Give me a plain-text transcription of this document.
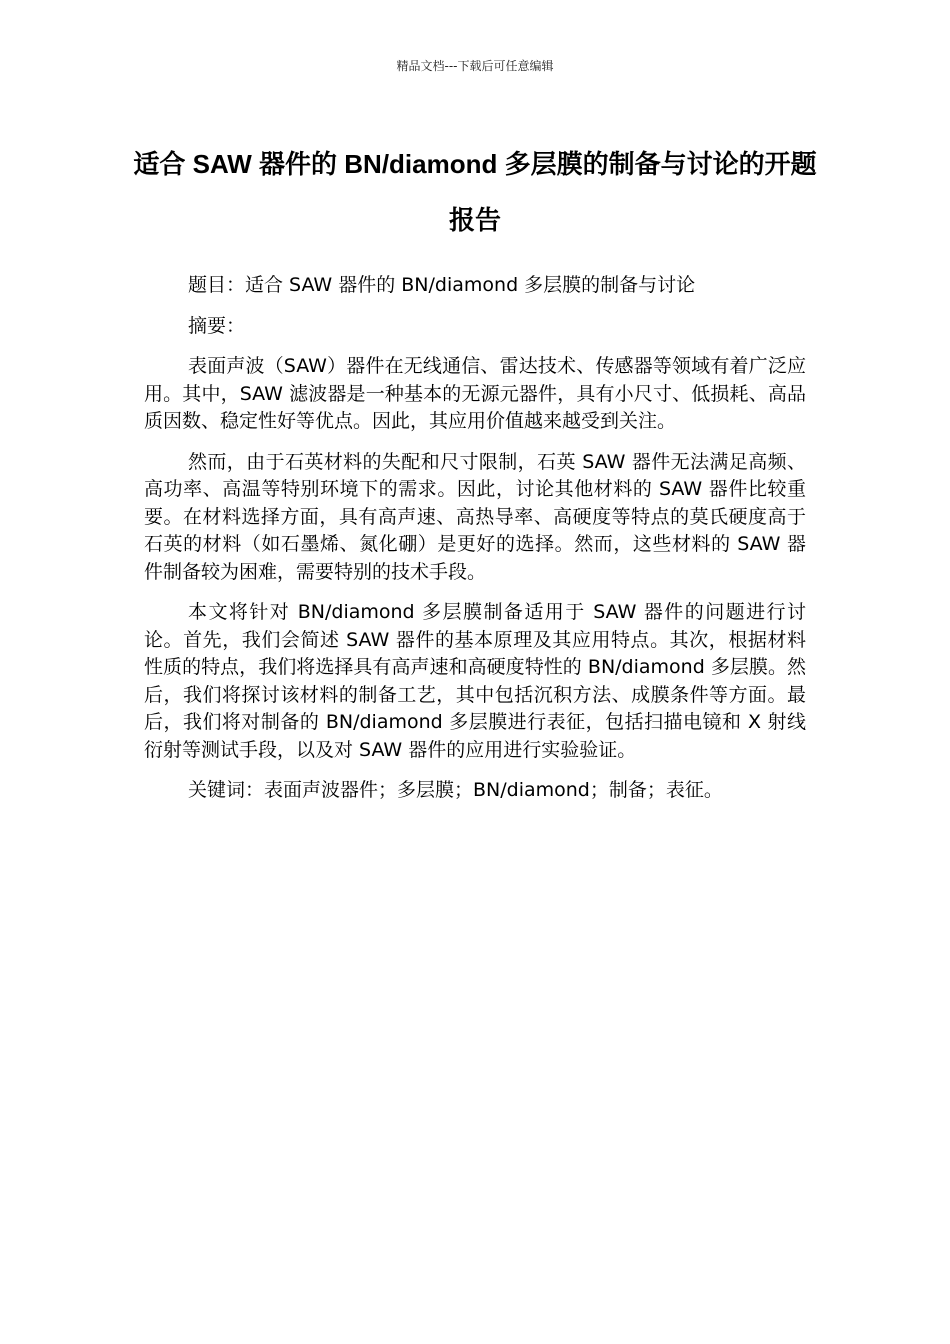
精品文档---下载后可任意编辑
适合 SAW 器件的 BN/diamond 多层膜的制备与讨论的开题报告

题目：适合 SAW 器件的 BN/diamond 多层膜的制备与讨论

摘要：

表面声波（SAW）器件在无线通信、雷达技术、传感器等领域有着广泛应用。其中，SAW 滤波器是一种基本的无源元器件，具有小尺寸、低损耗、高品质因数、稳定性好等优点。因此，其应用价值越来越受到关注。

然而，由于石英材料的失配和尺寸限制，石英 SAW 器件无法满足高频、高功率、高温等特别环境下的需求。因此，讨论其他材料的 SAW 器件比较重要。在材料选择方面，具有高声速、高热导率、高硬度等特点的莫氏硬度高于石英的材料（如石墨烯、氮化硼）是更好的选择。然而，这些材料的 SAW 器件制备较为困难，需要特别的技术手段。

本文将针对 BN/diamond 多层膜制备适用于 SAW 器件的问题进行讨论。首先，我们会简述 SAW 器件的基本原理及其应用特点。其次，根据材料性质的特点，我们将选择具有高声速和高硬度特性的 BN/diamond 多层膜。然后，我们将探讨该材料的制备工艺，其中包括沉积方法、成膜条件等方面。最后，我们将对制备的 BN/diamond 多层膜进行表征，包括扫描电镜和 X 射线衍射等测试手段，以及对 SAW 器件的应用进行实验验证。

关键词：表面声波器件；多层膜；BN/diamond；制备；表征。
